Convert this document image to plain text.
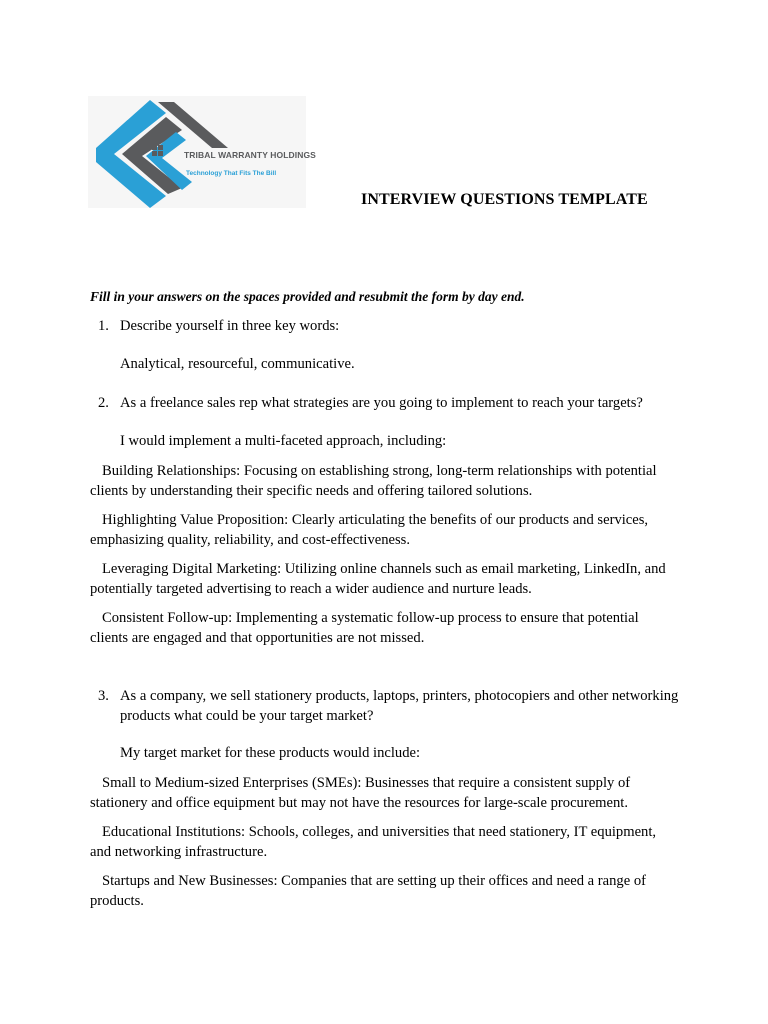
TRIBAL WARRANTY HOLDINGS
Technology That Fits The Bill
INTERVIEW QUESTIONS TEMPLATE

Fill in your answers on the spaces provided and resubmit the form by day end.

1. Describe yourself in three key words:

Analytical, resourceful, communicative.

2. As a freelance sales rep what strategies are you going to implement to reach your targets?

I would implement a multi-faceted approach, including:

Building Relationships: Focusing on establishing strong, long-term relationships with potential clients by understanding their specific needs and offering tailored solutions.

Highlighting Value Proposition: Clearly articulating the benefits of our products and services, emphasizing quality, reliability, and cost-effectiveness.

Leveraging Digital Marketing: Utilizing online channels such as email marketing, LinkedIn, and potentially targeted advertising to reach a wider audience and nurture leads.

Consistent Follow-up: Implementing a systematic follow-up process to ensure that potential clients are engaged and that opportunities are not missed.

3. As a company, we sell stationery products, laptops, printers, photocopiers and other networking products what could be your target market?

My target market for these products would include:

Small to Medium-sized Enterprises (SMEs): Businesses that require a consistent supply of stationery and office equipment but may not have the resources for large-scale procurement.

Educational Institutions: Schools, colleges, and universities that need stationery, IT equipment, and networking infrastructure.

Startups and New Businesses: Companies that are setting up their offices and need a range of products.
